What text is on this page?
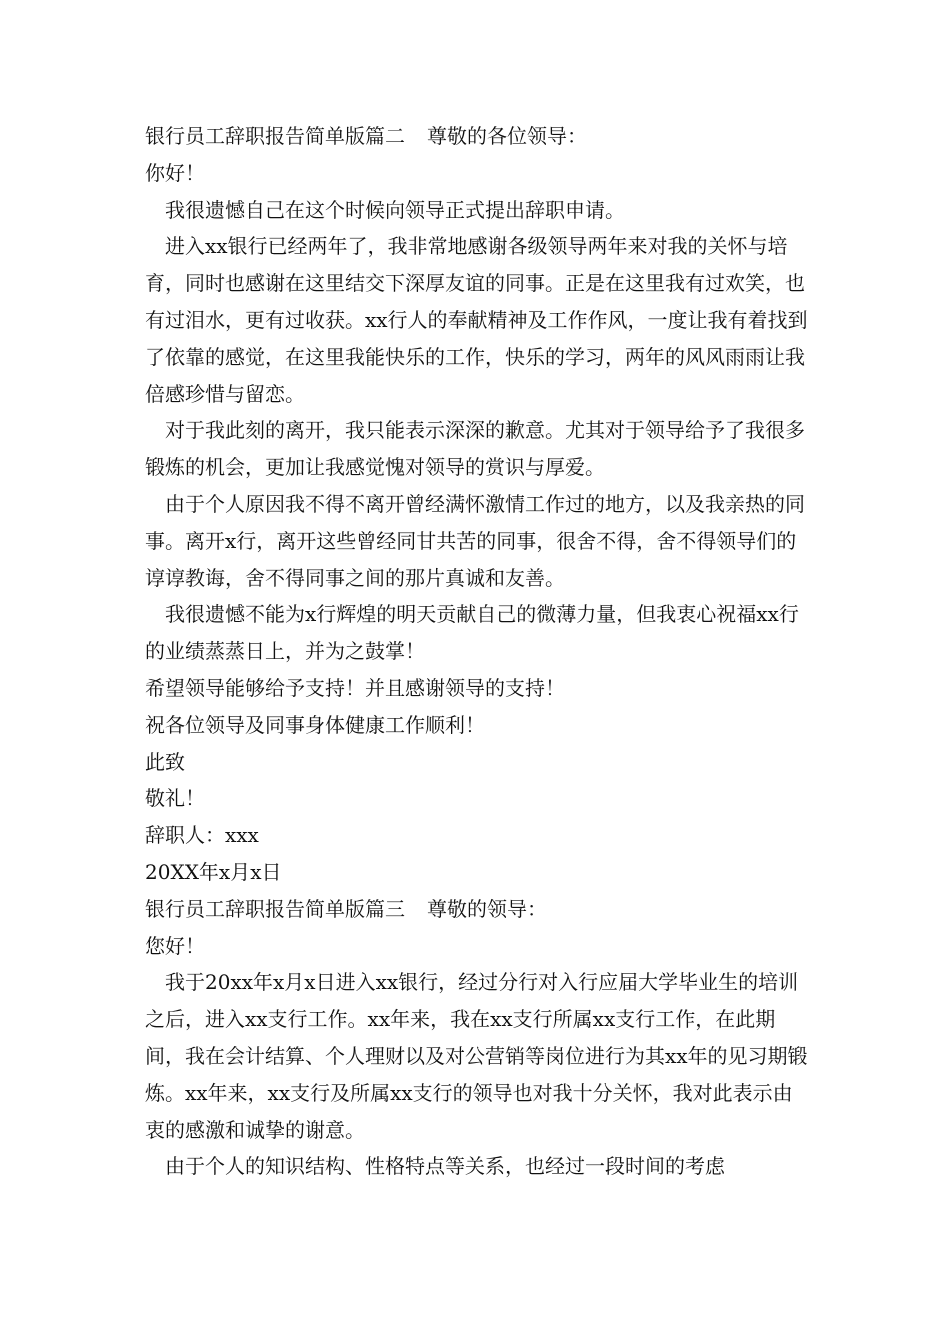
银行员工辞职报告简单版篇二 尊敬的各位领导：

你好！

我很遗憾自己在这个时候向领导正式提出辞职申请。

进入xx银行已经两年了，我非常地感谢各级领导两年来对我的关怀与培育，同时也感谢在这里结交下深厚友谊的同事。正是在这里我有过欢笑，也有过泪水，更有过收获。xx行人的奉献精神及工作作风，一度让我有着找到了依靠的感觉，在这里我能快乐的工作，快乐的学习，两年的风风雨雨让我倍感珍惜与留恋。

对于我此刻的离开，我只能表示深深的歉意。尤其对于领导给予了我很多锻炼的机会，更加让我感觉愧对领导的赏识与厚爱。

由于个人原因我不得不离开曾经满怀激情工作过的地方，以及我亲热的同事。离开x行，离开这些曾经同甘共苦的同事，很舍不得，舍不得领导们的谆谆教诲，舍不得同事之间的那片真诚和友善。

我很遗憾不能为x行辉煌的明天贡献自己的微薄力量，但我衷心祝福xx行的业绩蒸蒸日上，并为之鼓掌！

希望领导能够给予支持！并且感谢领导的支持！

祝各位领导及同事身体健康工作顺利！

此致

敬礼！

辞职人：xxx

20XX年x月x日

银行员工辞职报告简单版篇三 尊敬的领导：

您好！

我于20xx年x月x日进入xx银行，经过分行对入行应届大学毕业生的培训之后，进入xx支行工作。xx年来，我在xx支行所属xx支行工作，在此期间，我在会计结算、个人理财以及对公营销等岗位进行为其xx年的见习期锻炼。xx年来，xx支行及所属xx支行的领导也对我十分关怀，我对此表示由衷的感激和诚挚的谢意。

由于个人的知识结构、性格特点等关系，也经过一段时间的考虑
